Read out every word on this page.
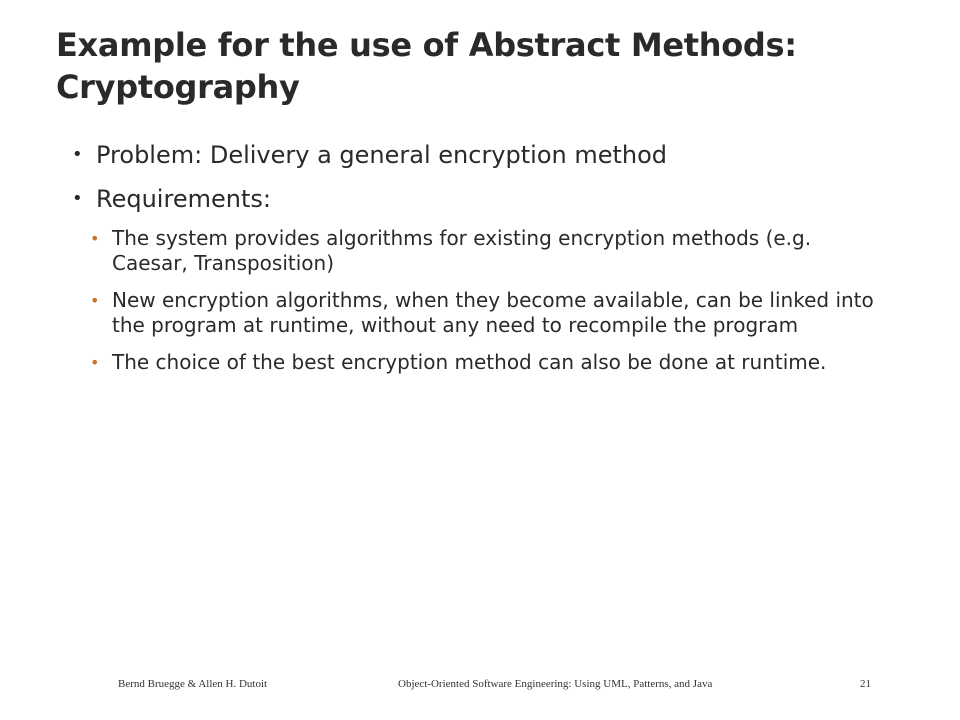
Example for the use of Abstract Methods:
Cryptography
• Problem: Delivery a general encryption method
• Requirements:
• The system provides algorithms for existing encryption methods (e.g. Caesar, Transposition)
• New encryption algorithms, when they become available, can be linked into the program at runtime, without any need to recompile the program
• The choice of the best encryption method can also be done at runtime.
Bernd Bruegge & Allen H. Dutoit	Object-Oriented Software Engineering: Using UML, Patterns, and Java	21
